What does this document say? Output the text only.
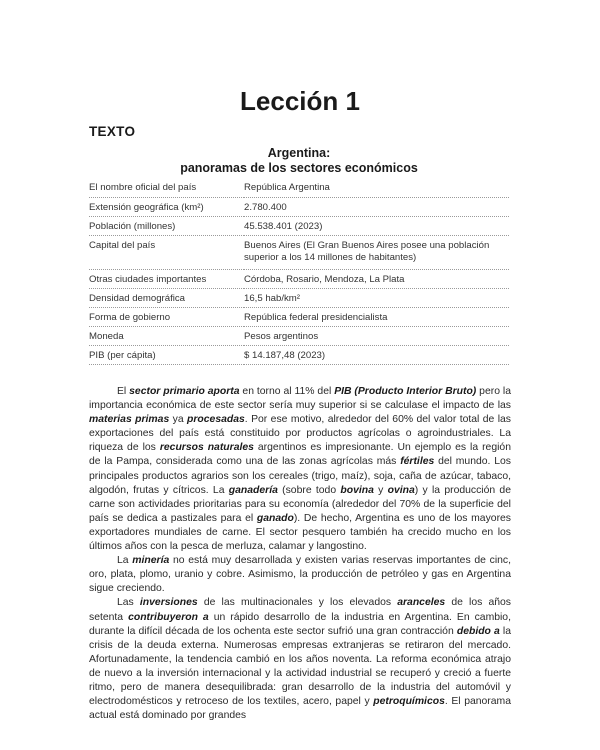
Lección 1
TEXTO
Argentina:
panoramas de los sectores económicos
El nombre oficial del país	República Argentina
Extensión geográfica (km²)	2.780.400
Población (millones)	45.538.401 (2023)
Capital del país	Buenos Aires (El Gran Buenos Aires posee una población superior a los 14 millones de habitantes)
Otras ciudades importantes	Córdoba, Rosario, Mendoza, La Plata
Densidad demográfica	16,5 hab/km²
Forma de gobierno	República federal presidencialista
Moneda	Pesos argentinos
PIB (per cápita)	$ 14.187,48 (2023)

El sector primario aporta en torno al 11% del PIB (Producto Interior Bruto) pero la importancia económica de este sector sería muy superior si se calculase el impacto de las materias primas ya procesadas. Por ese motivo, alrededor del 60% del valor total de las exportaciones del país está constituido por productos agrícolas o agroindustriales. La riqueza de los recursos naturales argentinos es impresionante. Un ejemplo es la región de la Pampa, considerada como una de las zonas agrícolas más fértiles del mundo. Los principales productos agrarios son los cereales (trigo, maíz), soja, caña de azúcar, tabaco, algodón, frutas y cítricos. La ganadería (sobre todo bovina y ovina) y la producción de carne son actividades prioritarias para su economía (alrededor del 70% de la superficie del país se dedica a pastizales para el ganado). De hecho, Argentina es uno de los mayores exportadores mundiales de carne. El sector pesquero también ha crecido mucho en los últimos años con la pesca de merluza, calamar y langostino.

La minería no está muy desarrollada y existen varias reservas importantes de cinc, oro, plata, plomo, uranio y cobre. Asimismo, la producción de petróleo y gas en Argentina sigue creciendo.

Las inversiones de las multinacionales y los elevados aranceles de los años setenta contribuyeron a un rápido desarrollo de la industria en Argentina. En cambio, durante la difícil década de los ochenta este sector sufrió una gran contracción debido a la crisis de la deuda externa. Numerosas empresas extranjeras se retiraron del mercado. Afortunadamente, la tendencia cambió en los años noventa. La reforma económica atrajo de nuevo a la inversión internacional y la actividad industrial se recuperó y creció a fuerte ritmo, pero de manera desequilibrada: gran desarrollo de la industria del automóvil y electrodomésticos y retroceso de los textiles, acero, papel y petroquímicos. El panorama actual está dominado por grandes
